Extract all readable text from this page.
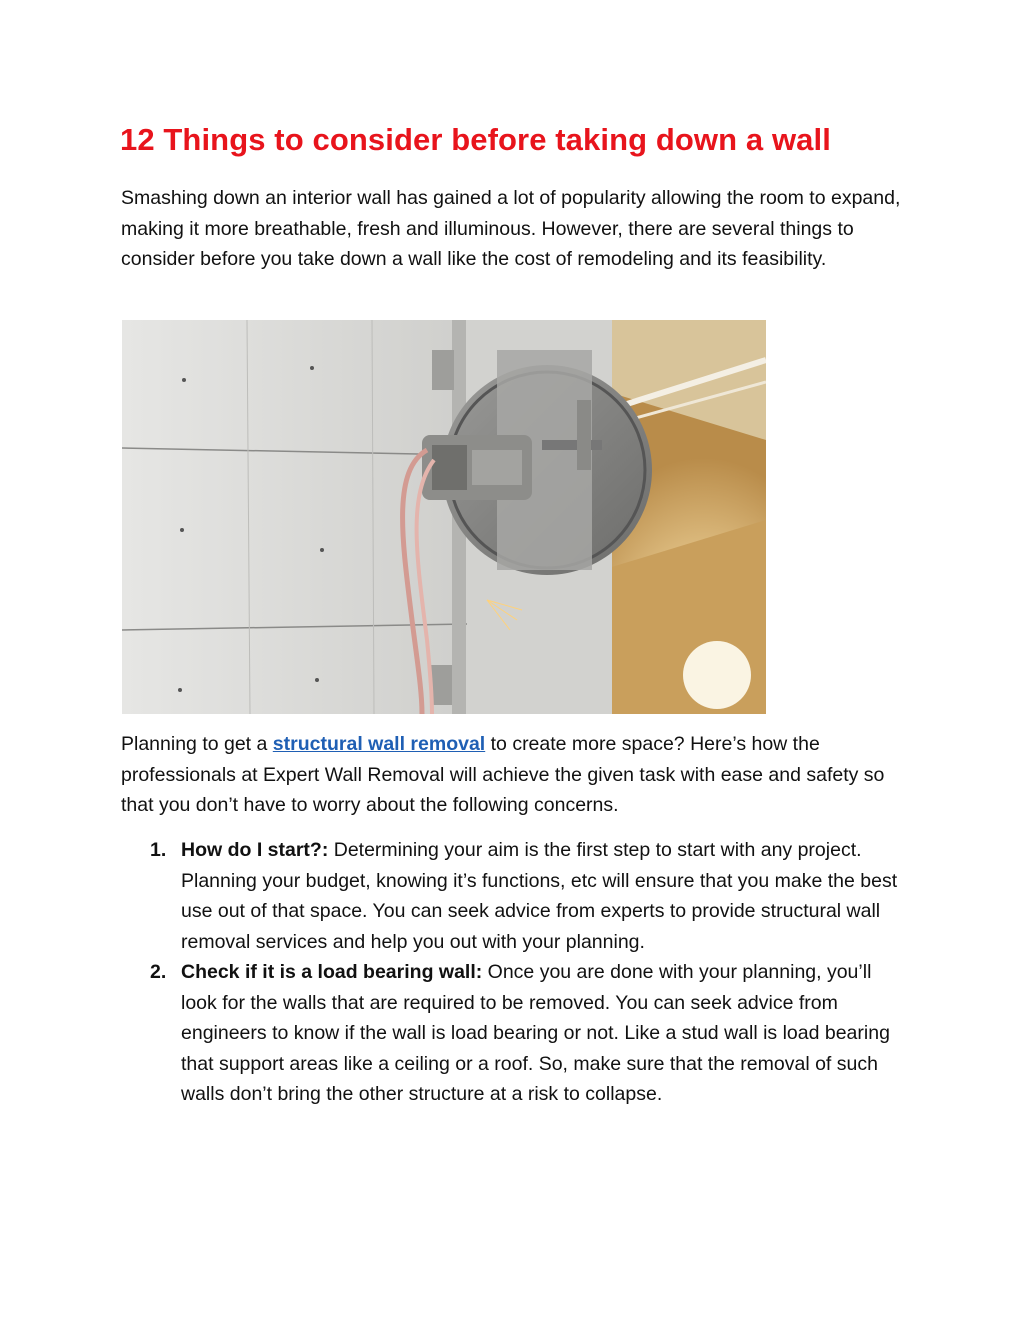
12 Things to consider before taking down a wall

Smashing down an interior wall has gained a lot of popularity allowing the room to expand, making it more breathable, fresh and illuminous. However, there are several things to consider before you take down a wall like the cost of remodeling and its feasibility.

Planning to get a structural wall removal to create more space? Here’s how the professionals at Expert Wall Removal will achieve the given task with ease and safety so that you don’t have to worry about the following concerns.

1. How do I start?: Determining your aim is the first step to start with any project. Planning your budget, knowing it’s functions, etc will ensure that you make the best use out of that space. You can seek advice from experts to provide structural wall removal services and help you out with your planning.
2. Check if it is a load bearing wall: Once you are done with your planning, you’ll look for the walls that are required to be removed. You can seek advice from engineers to know if the wall is load bearing or not. Like a stud wall is load bearing that support areas like a ceiling or a roof. So, make sure that the removal of such walls don’t bring the other structure at a risk to collapse.
